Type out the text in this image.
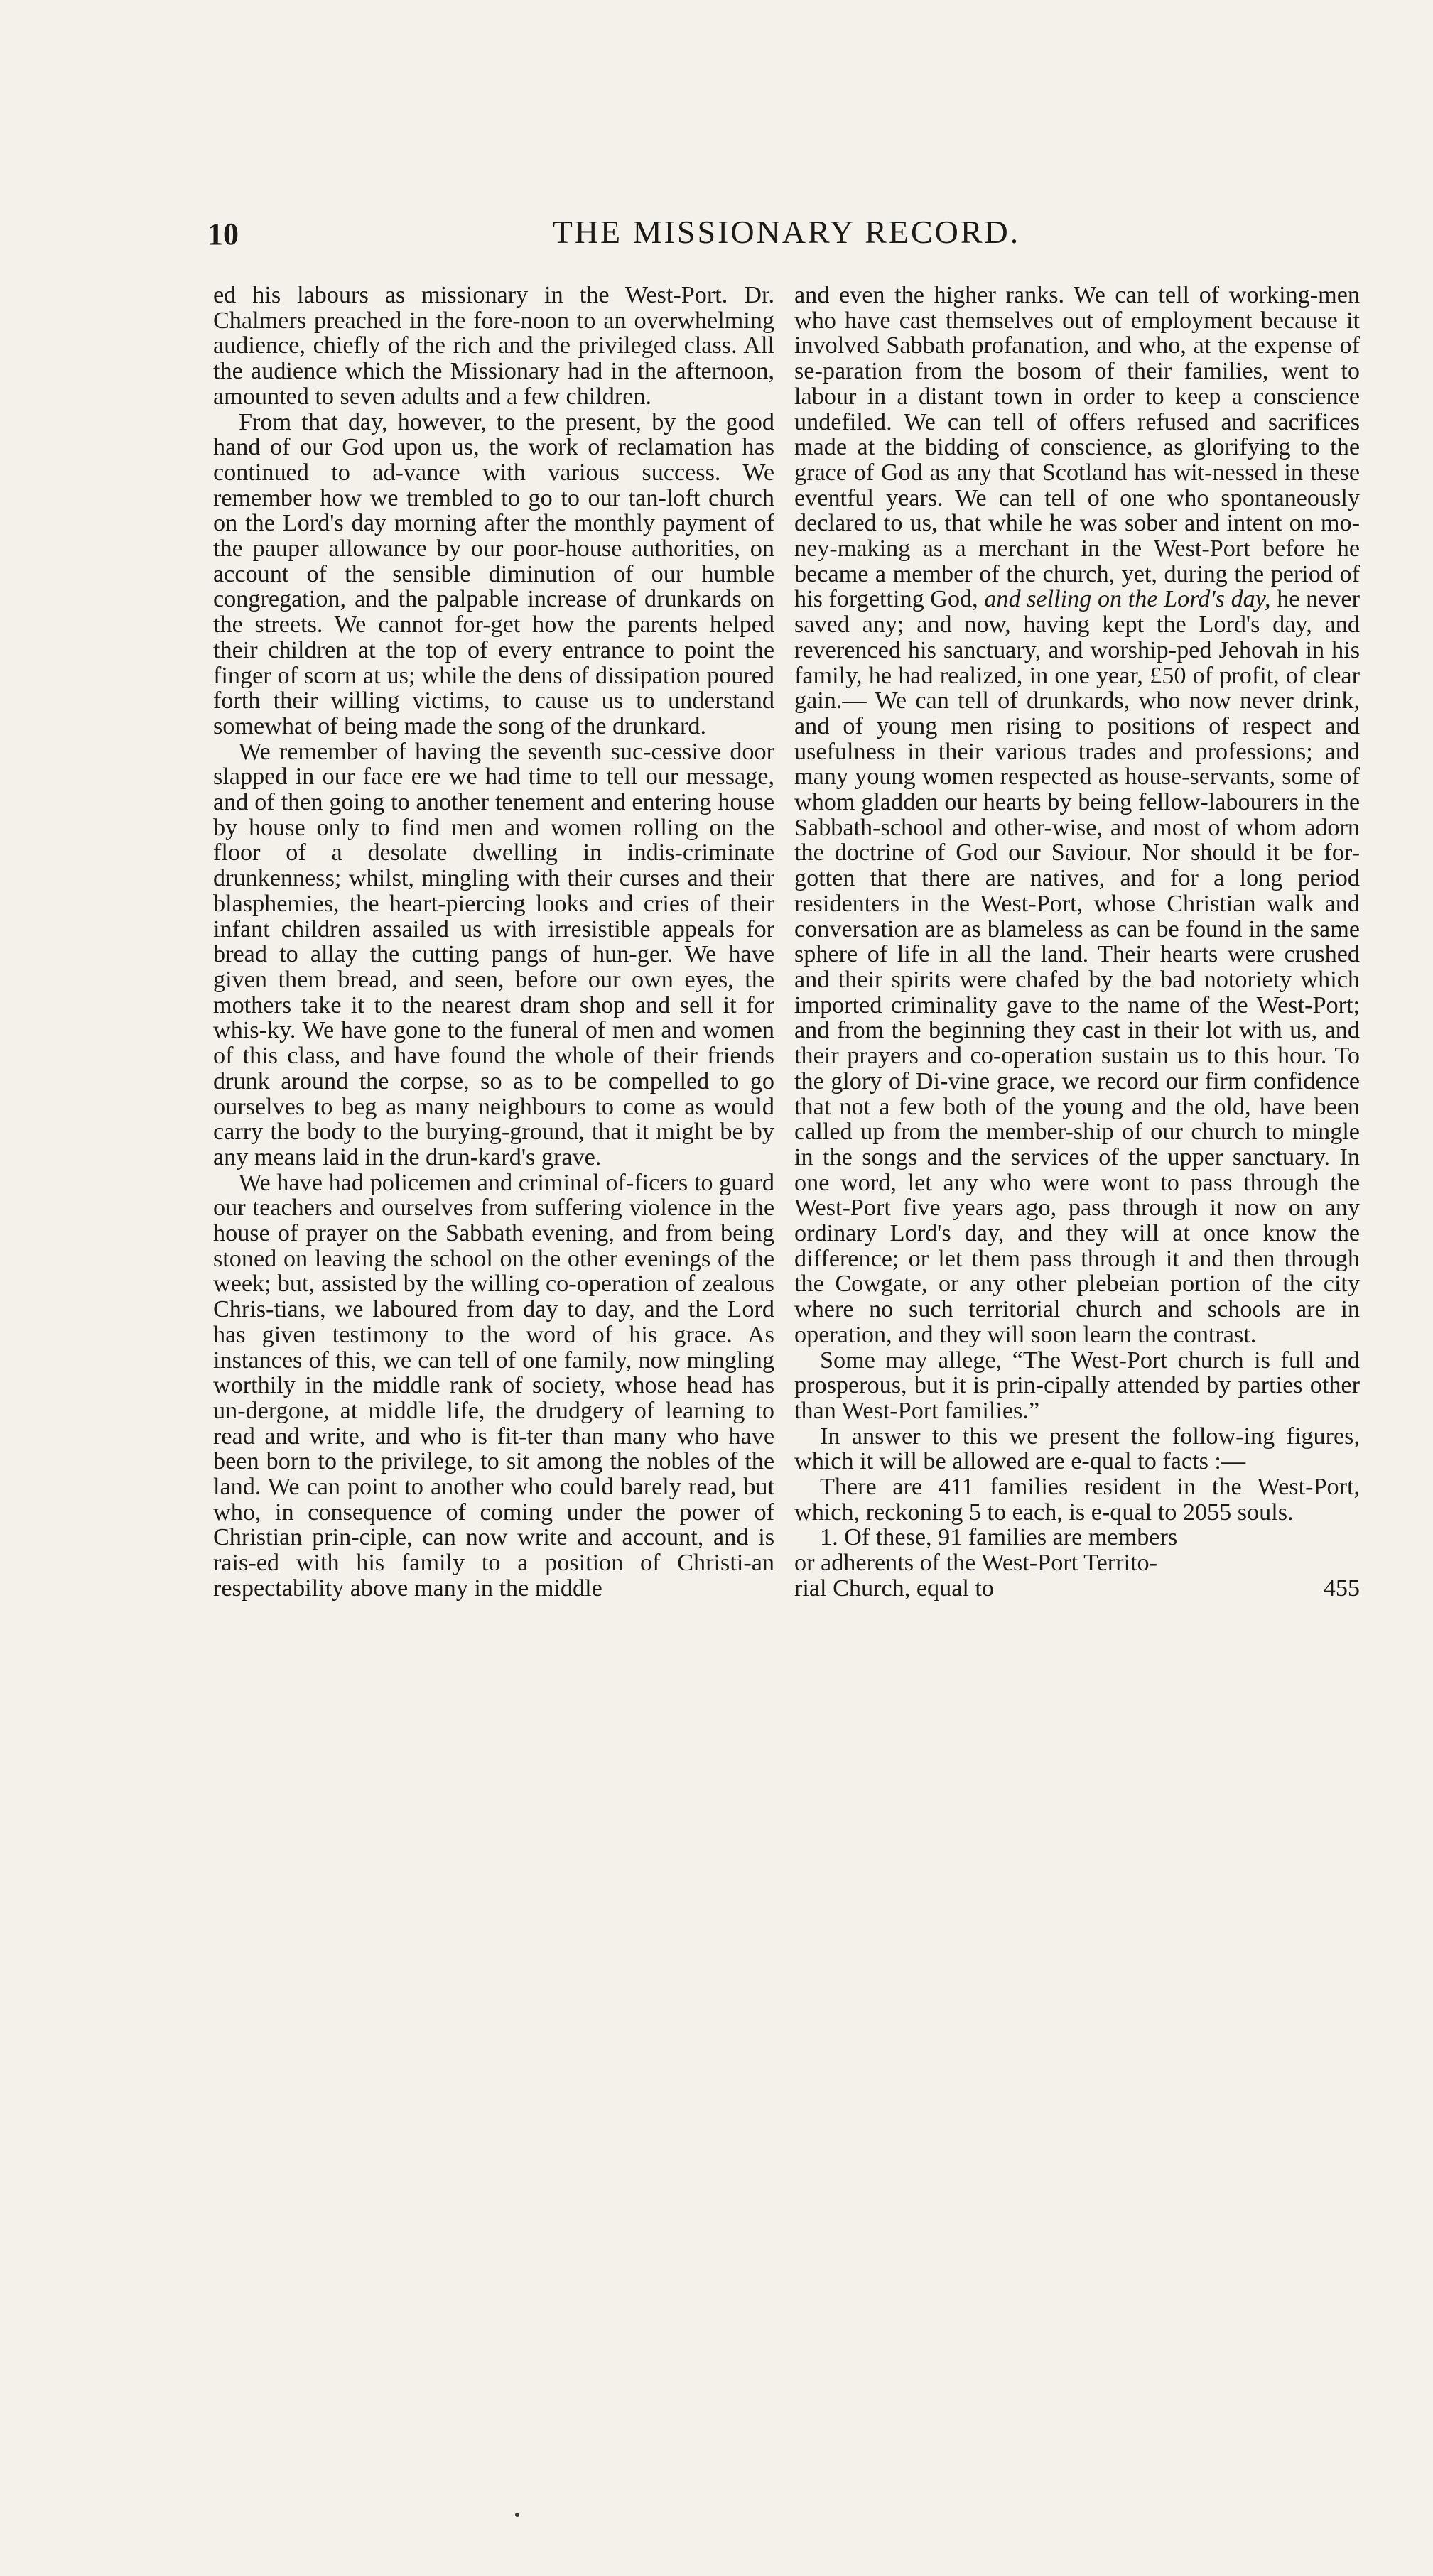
10	THE MISSIONARY RECORD.

ed his labours as missionary in the West-Port. Dr. Chalmers preached in the fore-noon to an overwhelming audience, chiefly of the rich and the privileged class. All the audience which the Missionary had in the afternoon, amounted to seven adults and a few children.

From that day, however, to the present, by the good hand of our God upon us, the work of reclamation has continued to ad-vance with various success. We remember how we trembled to go to our tan-loft church on the Lord's day morning after the monthly payment of the pauper allowance by our poor-house authorities, on account of the sensible diminution of our humble congregation, and the palpable increase of drunkards on the streets. We cannot for-get how the parents helped their children at the top of every entrance to point the finger of scorn at us; while the dens of dissipation poured forth their willing victims, to cause us to understand somewhat of being made the song of the drunkard.

We remember of having the seventh suc-cessive door slapped in our face ere we had time to tell our message, and of then going to another tenement and entering house by house only to find men and women rolling on the floor of a desolate dwelling in indis-criminate drunkenness; whilst, mingling with their curses and their blasphemies, the heart-piercing looks and cries of their infant children assailed us with irresistible appeals for bread to allay the cutting pangs of hun-ger. We have given them bread, and seen, before our own eyes, the mothers take it to the nearest dram shop and sell it for whis-ky. We have gone to the funeral of men and women of this class, and have found the whole of their friends drunk around the corpse, so as to be compelled to go ourselves to beg as many neighbours to come as would carry the body to the burying-ground, that it might be by any means laid in the drun-kard's grave.

We have had policemen and criminal of-ficers to guard our teachers and ourselves from suffering violence in the house of prayer on the Sabbath evening, and from being stoned on leaving the school on the other evenings of the week; but, assisted by the willing co-operation of zealous Chris-tians, we laboured from day to day, and the Lord has given testimony to the word of his grace. As instances of this, we can tell of one family, now mingling worthily in the middle rank of society, whose head has un-dergone, at middle life, the drudgery of learning to read and write, and who is fit-ter than many who have been born to the privilege, to sit among the nobles of the land. We can point to another who could barely read, but who, in consequence of coming under the power of Christian prin-ciple, can now write and account, and is rais-ed with his family to a position of Christi-an respectability above many in the middle

and even the higher ranks. We can tell of working-men who have cast themselves out of employment because it involved Sabbath profanation, and who, at the expense of se-paration from the bosom of their families, went to labour in a distant town in order to keep a conscience undefiled. We can tell of offers refused and sacrifices made at the bidding of conscience, as glorifying to the grace of God as any that Scotland has wit-nessed in these eventful years. We can tell of one who spontaneously declared to us, that while he was sober and intent on mo-ney-making as a merchant in the West-Port before he became a member of the church, yet, during the period of his forgetting God, and selling on the Lord's day, he never saved any; and now, having kept the Lord's day, and reverenced his sanctuary, and worship-ped Jehovah in his family, he had realized, in one year, £50 of profit, of clear gain.— We can tell of drunkards, who now never drink, and of young men rising to positions of respect and usefulness in their various trades and professions; and many young women respected as house-servants, some of whom gladden our hearts by being fellow-labourers in the Sabbath-school and other-wise, and most of whom adorn the doctrine of God our Saviour. Nor should it be for-gotten that there are natives, and for a long period residenters in the West-Port, whose Christian walk and conversation are as blameless as can be found in the same sphere of life in all the land. Their hearts were crushed and their spirits were chafed by the bad notoriety which imported criminality gave to the name of the West-Port; and from the beginning they cast in their lot with us, and their prayers and co-operation sustain us to this hour. To the glory of Di-vine grace, we record our firm confidence that not a few both of the young and the old, have been called up from the member-ship of our church to mingle in the songs and the services of the upper sanctuary. In one word, let any who were wont to pass through the West-Port five years ago, pass through it now on any ordinary Lord's day, and they will at once know the difference; or let them pass through it and then through the Cowgate, or any other plebeian portion of the city where no such territorial church and schools are in operation, and they will soon learn the contrast.

Some may allege, “The West-Port church is full and prosperous, but it is prin-cipally attended by parties other than West-Port families.”

In answer to this we present the follow-ing figures, which it will be allowed are e-qual to facts :—

There are 411 families resident in the West-Port, which, reckoning 5 to each, is e-qual to 2055 souls.

1. Of these, 91 families are members

or adherents of the West-Port Territo-

rial Church, equal to	455
